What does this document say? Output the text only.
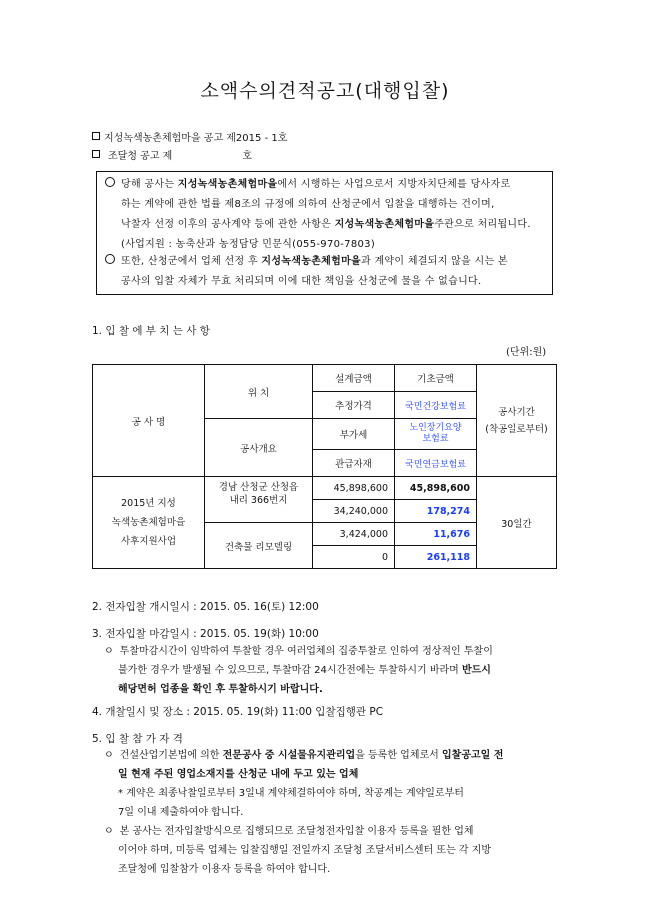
소액수의견적공고(대행입찰)
지성녹색농촌체험마을 공고 제2015 - 1호
조달청 공고 제	호
당해 공사는 지성녹색농촌체험마을에서 시행하는 사업으로서 지방자치단체를 당사자로
하는 계약에 관한 법률 제8조의 규정에 의하여 산청군에서 입찰을 대행하는 건이며,
낙찰자 선정 이후의 공사계약 등에 관한 사항은 지성녹색농촌체험마을주관으로 처리됩니다.
(사업지원 : 농축산과 농정담당 민문식(055-970-7803)
또한, 산청군에서 업체 선정 후 지성녹색농촌체험마을과 계약이 체결되지 않을 시는 본
공사의 입찰 자체가 무효 처리되며 이에 대한 책임을 산청군에 물을 수 없습니다.
1. 입 찰 에 부 치 는 사 항
(단위:원)
공 사 명	위 치	설계금액	기초금액	공사기간
(착공일로부터)
		추정가격	국민건강보험료	
	공사개요	부가세	노인장기요양
보험료	
		관급자재	국민연금보험료	
2015년 지성
녹색농촌체험마을
사후지원사업	경남 산청군 산청읍
내리 366번지	45,898,600	45,898,600	30일간
		34,240,000	178,274	
	건축물 리모델링	3,424,000	11,676	
		0	261,118	
2. 전자입찰 개시일시 : 2015. 05. 16(토) 12:00
3. 전자입찰 마감일시 : 2015. 05. 19(화) 10:00
ㅇ 투찰마감시간이 임박하여 투찰할 경우 여러업체의 집중투찰로 인하여 정상적인 투찰이
불가한 경우가 발생될 수 있으므로, 투찰마감 24시간전에는 투찰하시기 바라며 반드시
해당면허 업종을 확인 후 투찰하시기 바랍니다.
4. 개찰일시 및 장소 : 2015. 05. 19(화) 11:00 입찰집행관 PC
5. 입 찰 참 가 자 격
ㅇ 건설산업기본법에 의한 전문공사 중 시설물유지관리업을 등록한 업체로서 입찰공고일 전
일 현재 주된 영업소재지를 산청군 내에 두고 있는 업체
* 계약은 최종낙찰일로부터 3일내 계약체결하여야 하며, 착공계는 계약일로부터
7일 이내 제출하여야 합니다.
ㅇ 본 공사는 전자입찰방식으로 집행되므로 조달청전자입찰 이용자 등록을 필한 업체
이어야 하며, 미등록 업체는 입찰집행일 전일까지 조달청 조달서비스센터 또는 각 지방
조달청에 입찰참가 이용자 등록을 하여야 합니다.
